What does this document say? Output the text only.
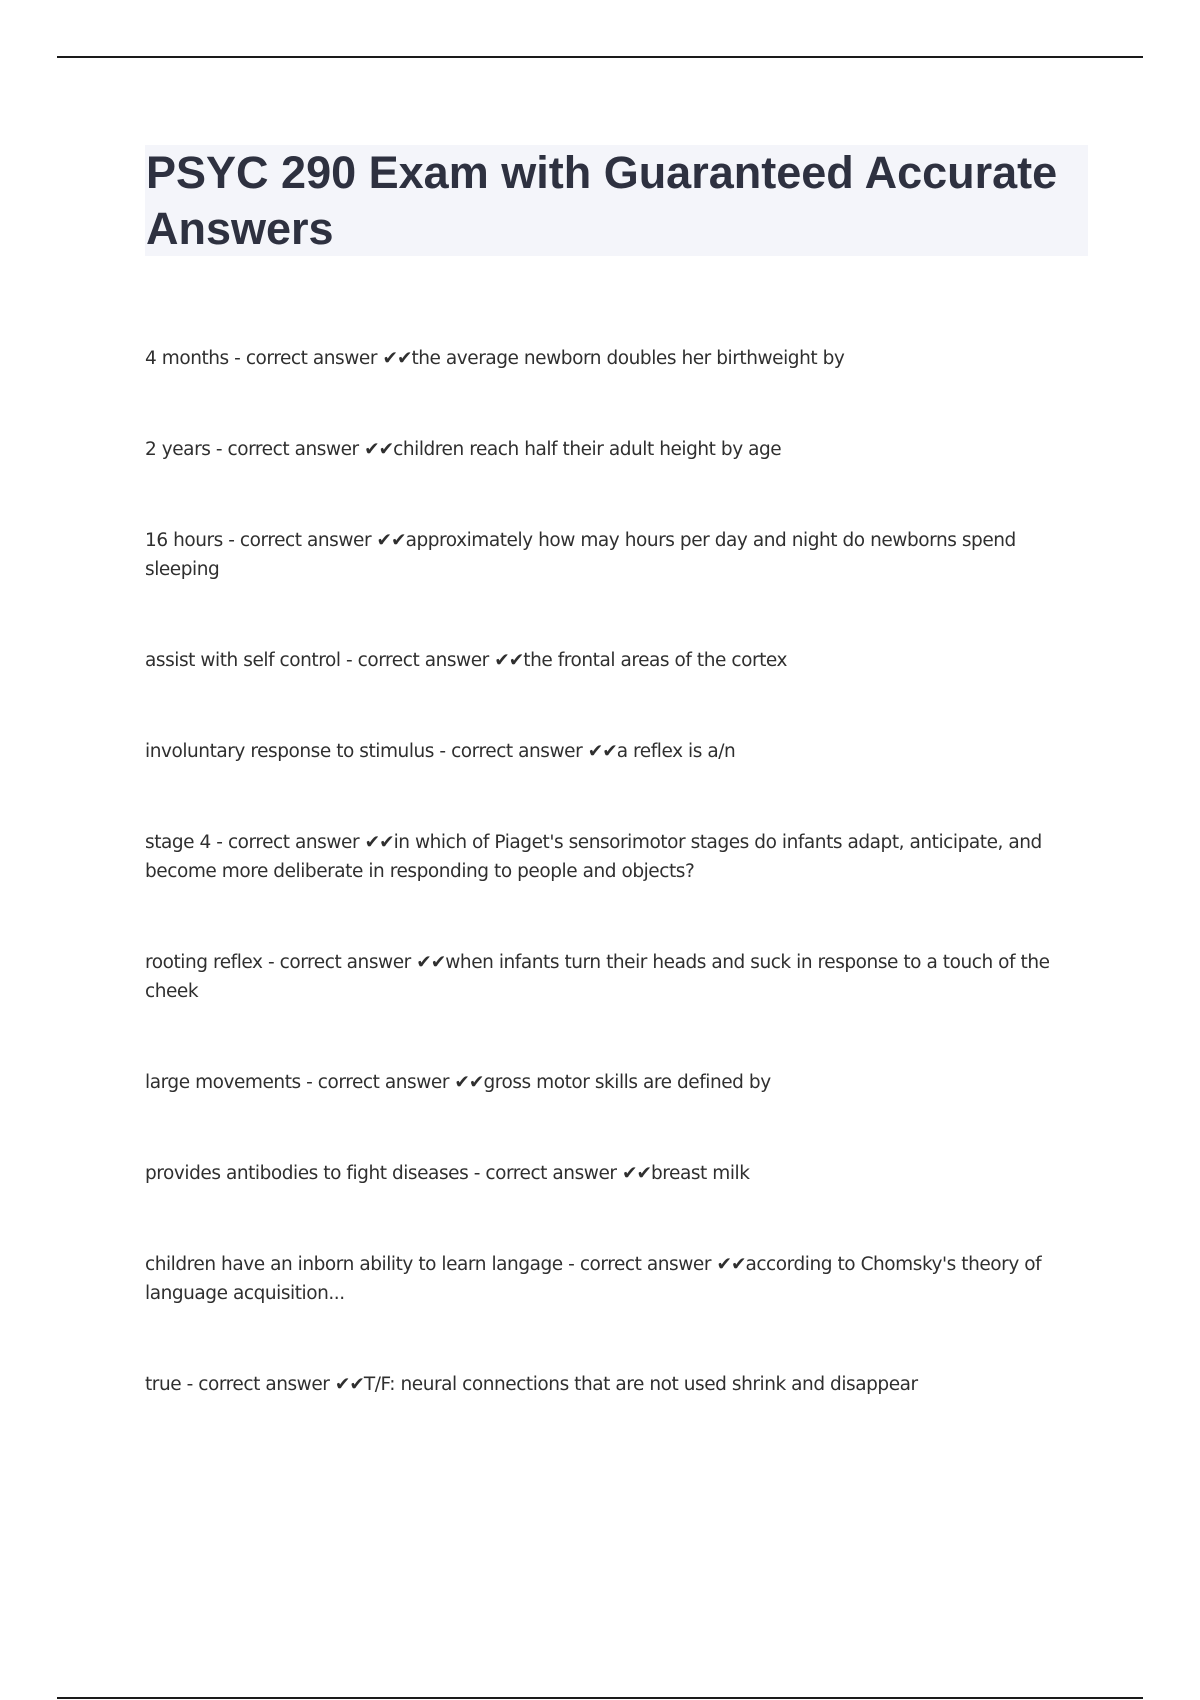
PSYC 290 Exam with Guaranteed Accurate Answers

4 months - correct answer ✔✔the average newborn doubles her birthweight by

2 years - correct answer ✔✔children reach half their adult height by age

16 hours - correct answer ✔✔approximately how may hours per day and night do newborns spend sleeping

assist with self control - correct answer ✔✔the frontal areas of the cortex

involuntary response to stimulus - correct answer ✔✔a reflex is a/n

stage 4 - correct answer ✔✔in which of Piaget's sensorimotor stages do infants adapt, anticipate, and become more deliberate in responding to people and objects?

rooting reflex - correct answer ✔✔when infants turn their heads and suck in response to a touch of the cheek

large movements - correct answer ✔✔gross motor skills are defined by

provides antibodies to fight diseases - correct answer ✔✔breast milk

children have an inborn ability to learn langage - correct answer ✔✔according to Chomsky's theory of language acquisition...

true - correct answer ✔✔T/F: neural connections that are not used shrink and disappear
